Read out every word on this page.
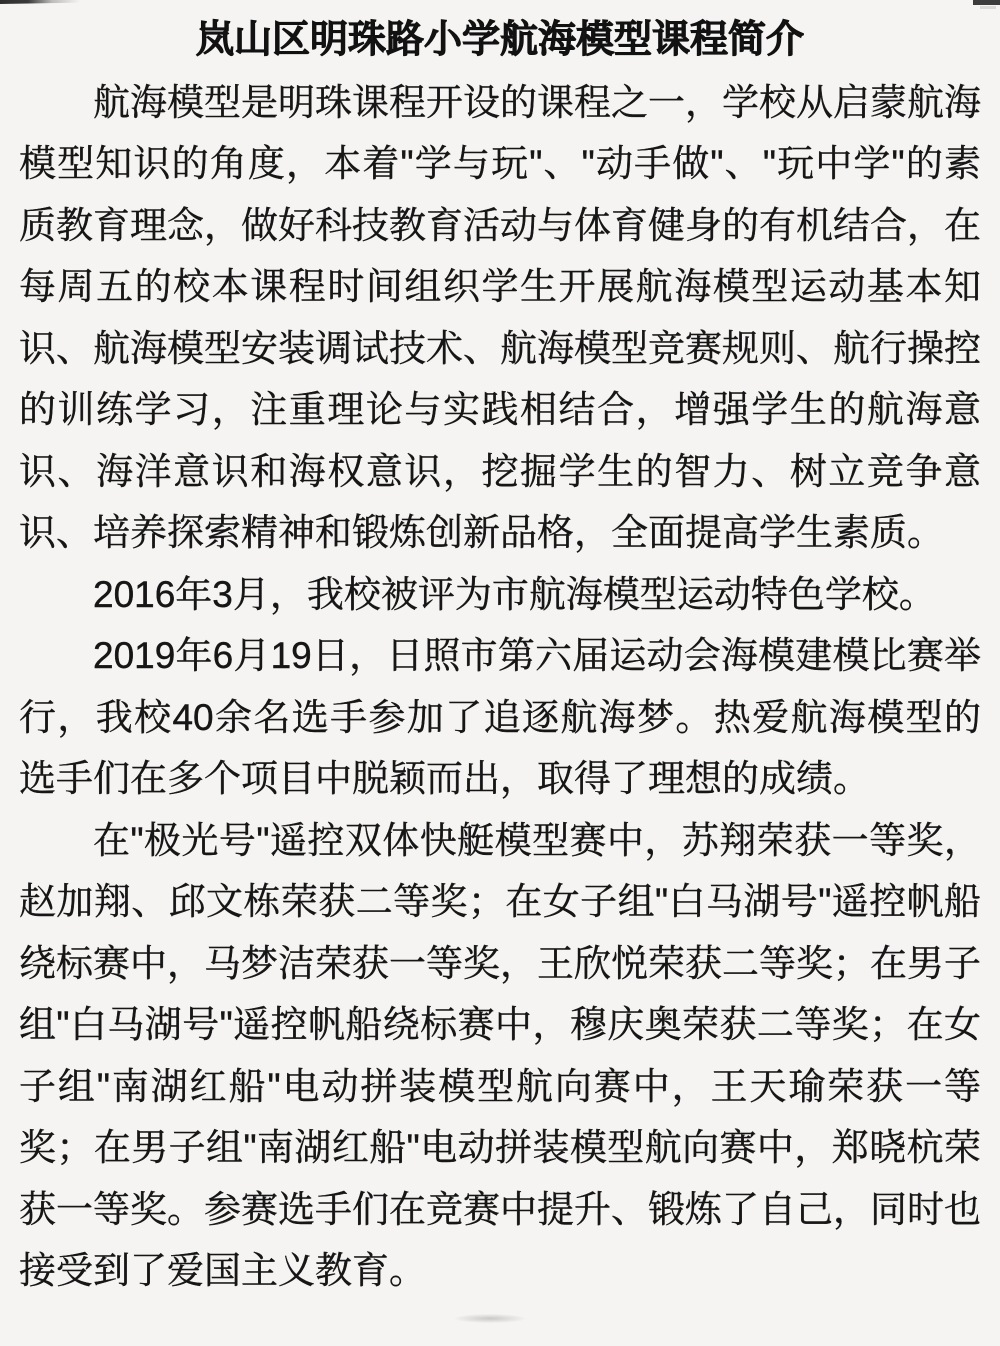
岚山区明珠路小学航海模型课程简介

航海模型是明珠课程开设的课程之一，学校从启蒙航海模型知识的角度，本着"学与玩"、"动手做"、"玩中学"的素质教育理念，做好科技教育活动与体育健身的有机结合，在每周五的校本课程时间组织学生开展航海模型运动基本知识、航海模型安装调试技术、航海模型竞赛规则、航行操控的训练学习，注重理论与实践相结合，增强学生的航海意识、海洋意识和海权意识，挖掘学生的智力、树立竞争意识、培养探索精神和锻炼创新品格，全面提高学生素质。

2016年3月，我校被评为市航海模型运动特色学校。

2019年6月19日，日照市第六届运动会海模建模比赛举行，我校40余名选手参加了追逐航海梦。热爱航海模型的选手们在多个项目中脱颖而出，取得了理想的成绩。

在"极光号"遥控双体快艇模型赛中，苏翔荣获一等奖，赵加翔、邱文栋荣获二等奖；在女子组"白马湖号"遥控帆船绕标赛中，马梦洁荣获一等奖，王欣悦荣获二等奖；在男子组"白马湖号"遥控帆船绕标赛中，穆庆奥荣获二等奖；在女子组"南湖红船"电动拼装模型航向赛中，王天瑜荣获一等奖；在男子组"南湖红船"电动拼装模型航向赛中，郑晓杭荣获一等奖。参赛选手们在竞赛中提升、锻炼了自己，同时也接受到了爱国主义教育。
